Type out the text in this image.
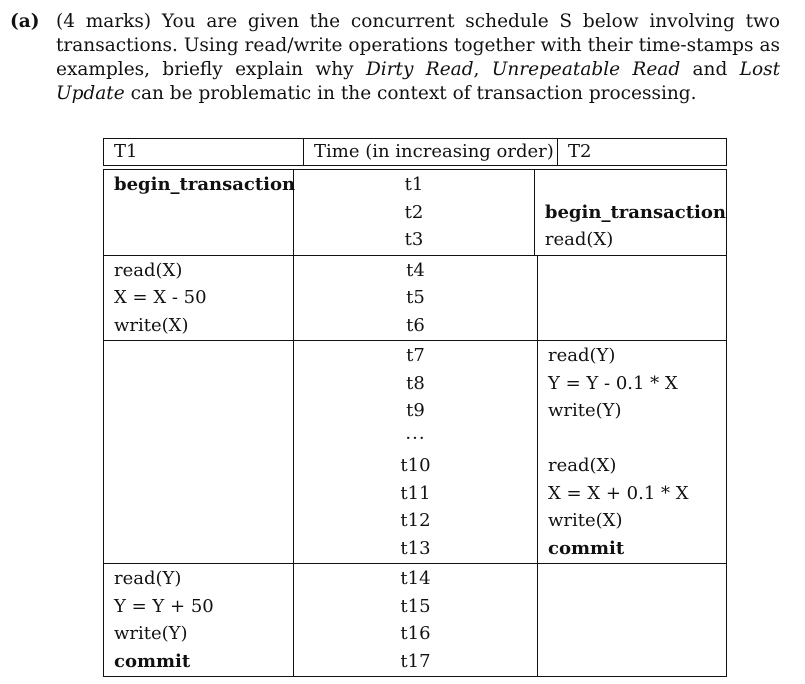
(a) (4 marks) You are given the concurrent schedule S below involving two transactions. Using read/write operations together with their time-stamps as examples, briefly explain why Dirty Read, Unrepeatable Read and Lost Update can be problematic in the context of transaction processing.
T1	Time (in increasing order) T2
begin_transaction	t1
t2
t3
begin_transaction
read(X)
read(X)
X = X - 50
write(X)
t4
t5
t6
t7
t8
t9
···
t10
t11
t12
t13
read(Y)
Y = Y - 0.1 * X
write(Y)
read(X)
X = X + 0.1 * X
write(X)
commit
read(Y)
Y = Y + 50
write(Y)
commit
t14
t15
t16
t17
